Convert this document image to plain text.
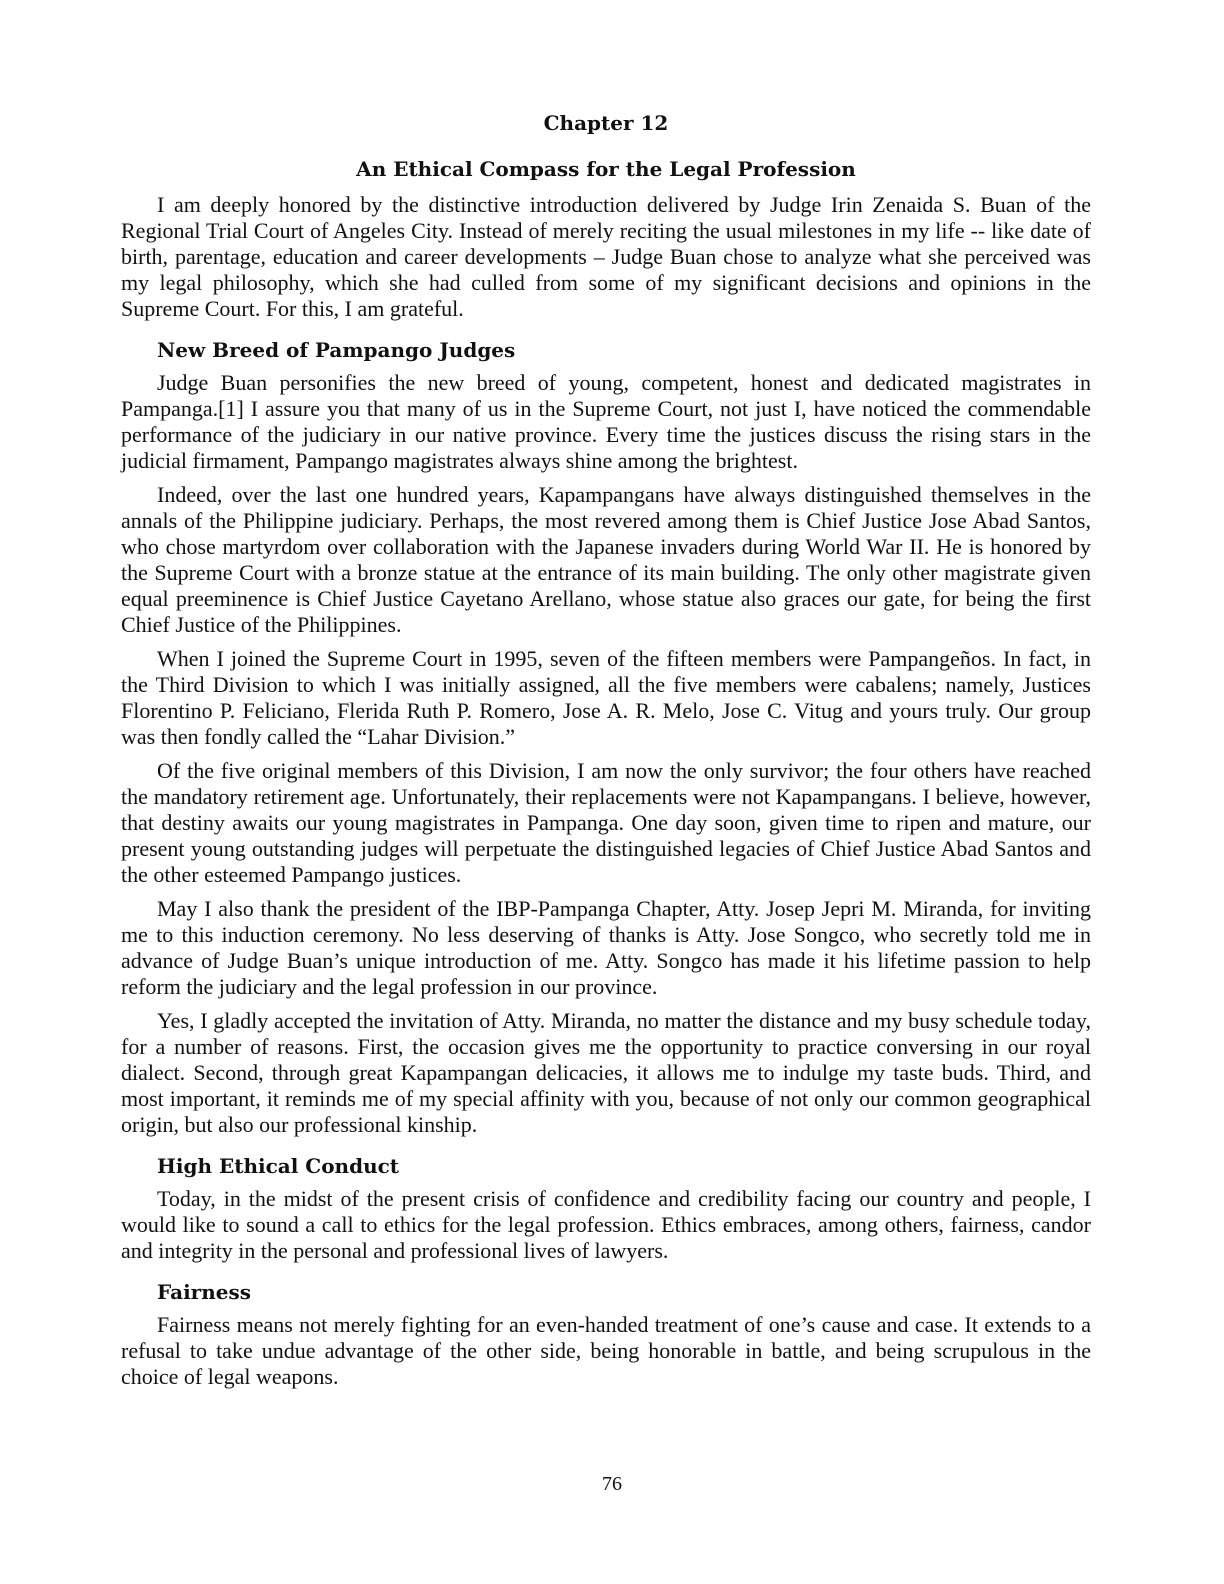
Chapter 12
An Ethical Compass for the Legal Profession

I am deeply honored by the distinctive introduction delivered by Judge Irin Zenaida S. Buan of the Regional Trial Court of Angeles City. Instead of merely reciting the usual milestones in my life -- like date of birth, parentage, education and career developments – Judge Buan chose to analyze what she perceived was my legal philosophy, which she had culled from some of my significant decisions and opinions in the Supreme Court. For this, I am grateful.

New Breed of Pampango Judges

Judge Buan personifies the new breed of young, competent, honest and dedicated magistrates in Pampanga.[1] I assure you that many of us in the Supreme Court, not just I, have noticed the commendable performance of the judiciary in our native province. Every time the justices discuss the rising stars in the judicial firmament, Pampango magistrates always shine among the brightest.

Indeed, over the last one hundred years, Kapampangans have always distinguished themselves in the annals of the Philippine judiciary. Perhaps, the most revered among them is Chief Justice Jose Abad Santos, who chose martyrdom over collaboration with the Japanese invaders during World War II. He is honored by the Supreme Court with a bronze statue at the entrance of its main building. The only other magistrate given equal preeminence is Chief Justice Cayetano Arellano, whose statue also graces our gate, for being the first Chief Justice of the Philippines.

When I joined the Supreme Court in 1995, seven of the fifteen members were Pampangeños. In fact, in the Third Division to which I was initially assigned, all the five members were cabalens; namely, Justices Florentino P. Feliciano, Flerida Ruth P. Romero, Jose A. R. Melo, Jose C. Vitug and yours truly. Our group was then fondly called the “Lahar Division.”

Of the five original members of this Division, I am now the only survivor; the four others have reached the mandatory retirement age. Unfortunately, their replacements were not Kapampangans. I believe, however, that destiny awaits our young magistrates in Pampanga. One day soon, given time to ripen and mature, our present young outstanding judges will perpetuate the distinguished legacies of Chief Justice Abad Santos and the other esteemed Pampango justices.

May I also thank the president of the IBP-Pampanga Chapter, Atty. Josep Jepri M. Miranda, for inviting me to this induction ceremony. No less deserving of thanks is Atty. Jose Songco, who secretly told me in advance of Judge Buan’s unique introduction of me. Atty. Songco has made it his lifetime passion to help reform the judiciary and the legal profession in our province.

Yes, I gladly accepted the invitation of Atty. Miranda, no matter the distance and my busy schedule today, for a number of reasons. First, the occasion gives me the opportunity to practice conversing in our royal dialect. Second, through great Kapampangan delicacies, it allows me to indulge my taste buds. Third, and most important, it reminds me of my special affinity with you, because of not only our common geographical origin, but also our professional kinship.

High Ethical Conduct

Today, in the midst of the present crisis of confidence and credibility facing our country and people, I would like to sound a call to ethics for the legal profession. Ethics embraces, among others, fairness, candor and integrity in the personal and professional lives of lawyers.

Fairness

Fairness means not merely fighting for an even-handed treatment of one’s cause and case. It extends to a refusal to take undue advantage of the other side, being honorable in battle, and being scrupulous in the choice of legal weapons.

76
